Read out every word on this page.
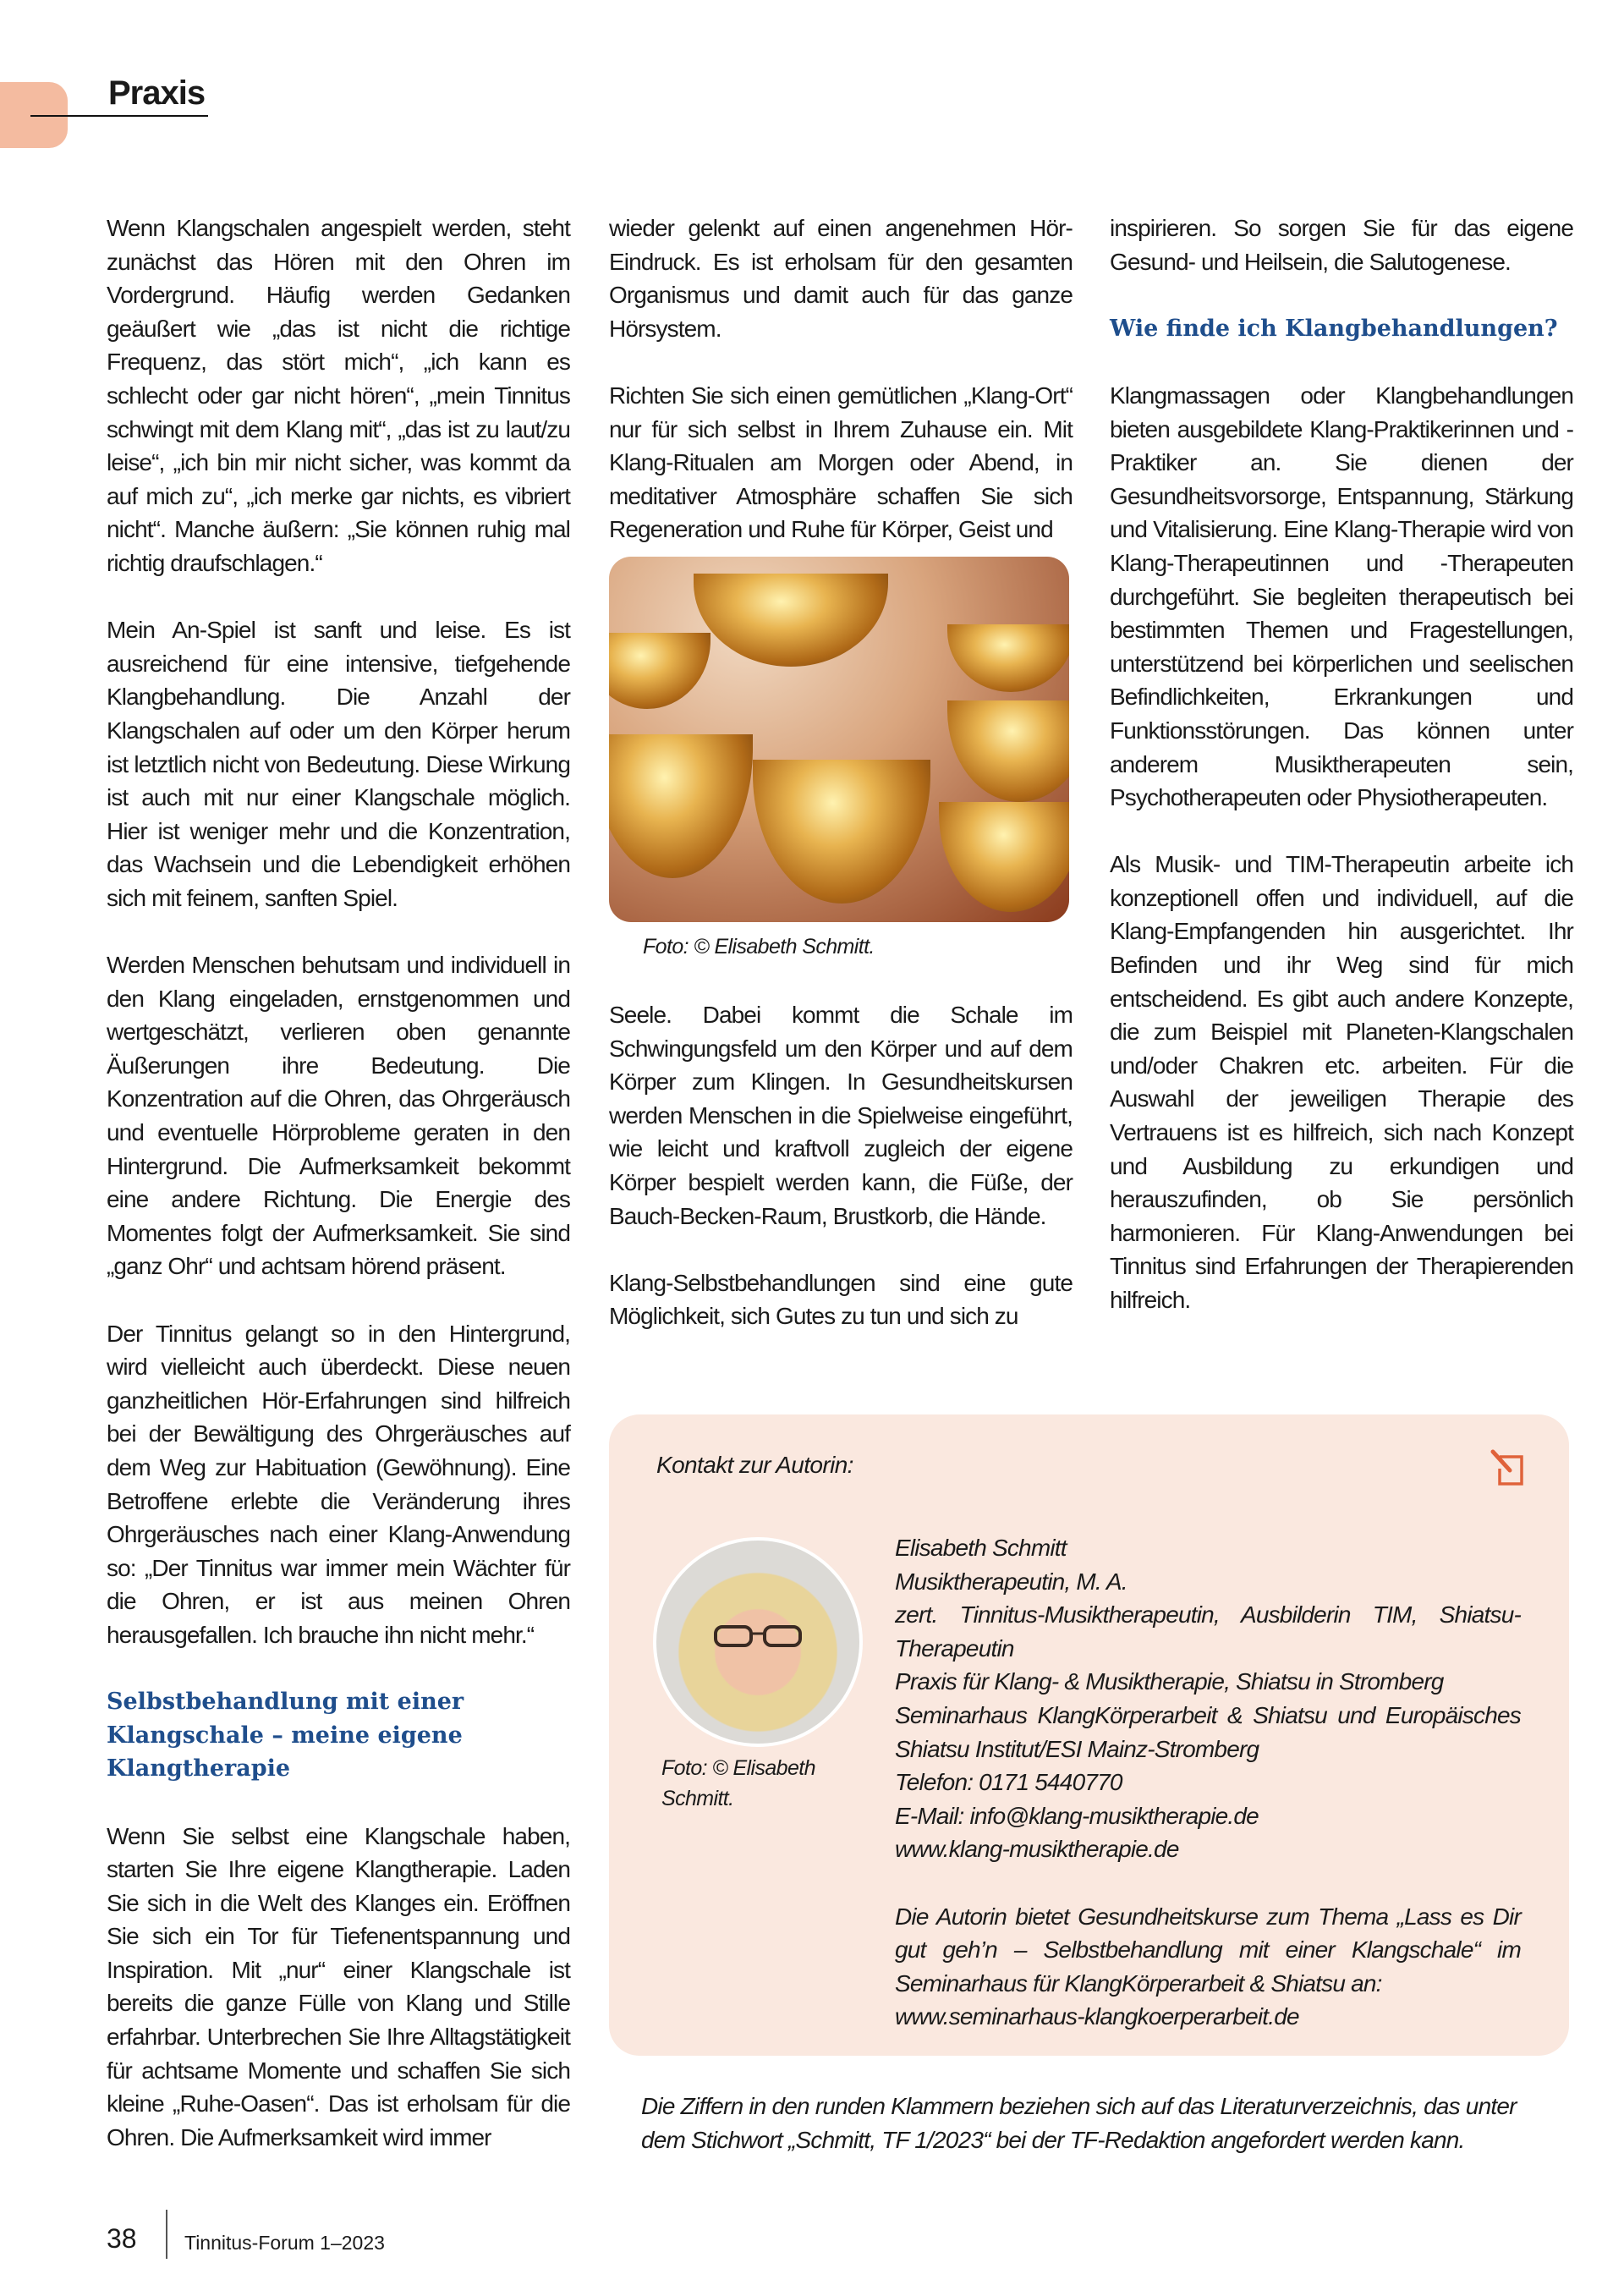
Praxis

Wenn Klangschalen angespielt werden, steht zunächst das Hören mit den Ohren im Vordergrund. Häufig werden Gedanken geäußert wie „das ist nicht die richtige Frequenz, das stört mich“, „ich kann es schlecht oder gar nicht hören“, „mein Tinnitus schwingt mit dem Klang mit“, „das ist zu laut/zu leise“, „ich bin mir nicht sicher, was kommt da auf mich zu“, „ich merke gar nichts, es vibriert nicht“. Manche äußern: „Sie können ruhig mal richtig draufschlagen.“

Mein An-Spiel ist sanft und leise. Es ist ausreichend für eine intensive, tiefgehende Klangbehandlung. Die Anzahl der Klangschalen auf oder um den Körper herum ist letztlich nicht von Bedeutung. Diese Wirkung ist auch mit nur einer Klangschale möglich. Hier ist weniger mehr und die Konzentration, das Wachsein und die Lebendigkeit erhöhen sich mit feinem, sanften Spiel.

Werden Menschen behutsam und individuell in den Klang eingeladen, ernstgenommen und wertgeschätzt, verlieren oben genannte Äußerungen ihre Bedeutung. Die Konzentration auf die Ohren, das Ohrgeräusch und eventuelle Hörprobleme geraten in den Hintergrund. Die Aufmerksamkeit bekommt eine andere Richtung. Die Energie des Momentes folgt der Aufmerksamkeit. Sie sind „ganz Ohr“ und achtsam hörend präsent.

Der Tinnitus gelangt so in den Hintergrund, wird vielleicht auch überdeckt. Diese neuen ganzheitlichen Hör-Erfahrungen sind hilfreich bei der Bewältigung des Ohrgeräusches auf dem Weg zur Habituation (Gewöhnung). Eine Betroffene erlebte die Veränderung ihres Ohrgeräusches nach einer Klang-Anwendung so: „Der Tinnitus war immer mein Wächter für die Ohren, er ist aus meinen Ohren herausgefallen. Ich brauche ihn nicht mehr.“

Selbstbehandlung mit einer Klangschale – meine eigene Klangtherapie

Wenn Sie selbst eine Klangschale haben, starten Sie Ihre eigene Klangtherapie. Laden Sie sich in die Welt des Klanges ein. Eröffnen Sie sich ein Tor für Tiefenentspannung und Inspiration. Mit „nur“ einer Klangschale ist bereits die ganze Fülle von Klang und Stille erfahrbar. Unterbrechen Sie Ihre Alltagstätigkeit für achtsame Momente und schaffen Sie sich kleine „Ruhe-Oasen“. Das ist erholsam für die Ohren. Die Aufmerksamkeit wird immer

wieder gelenkt auf einen angenehmen Hör-Eindruck. Es ist erholsam für den gesamten Organismus und damit auch für das ganze Hörsystem.

Richten Sie sich einen gemütlichen „Klang-Ort“ nur für sich selbst in Ihrem Zuhause ein. Mit Klang-Ritualen am Morgen oder Abend, in meditativer Atmosphäre schaffen Sie sich Regeneration und Ruhe für Körper, Geist und

Foto: © Elisabeth Schmitt.

Seele. Dabei kommt die Schale im Schwingungsfeld um den Körper und auf dem Körper zum Klingen. In Gesundheitskursen werden Menschen in die Spielweise eingeführt, wie leicht und kraftvoll zugleich der eigene Körper bespielt werden kann, die Füße, der Bauch-Becken-Raum, Brustkorb, die Hände.

Klang-Selbstbehandlungen sind eine gute Möglichkeit, sich Gutes zu tun und sich zu

inspirieren. So sorgen Sie für das eigene Gesund- und Heilsein, die Salutogenese.

Wie finde ich Klangbehandlungen?

Klangmassagen oder Klangbehandlungen bieten ausgebildete Klang-Praktikerinnen und -Praktiker an. Sie dienen der Gesundheitsvorsorge, Entspannung, Stärkung und Vitalisierung. Eine Klang-Therapie wird von Klang-Therapeutinnen und -Therapeuten durchgeführt. Sie begleiten therapeutisch bei bestimmten Themen und Fragestellungen, unterstützend bei körperlichen und seelischen Befindlichkeiten, Erkrankungen und Funktionsstörungen. Das können unter anderem Musiktherapeuten sein, Psychotherapeuten oder Physiotherapeuten.

Als Musik- und TIM-Therapeutin arbeite ich konzeptionell offen und individuell, auf die Klang-Empfangenden hin ausgerichtet. Ihr Befinden und ihr Weg sind für mich entscheidend. Es gibt auch andere Konzepte, die zum Beispiel mit Planeten-Klangschalen und/oder Chakren etc. arbeiten. Für die Auswahl der jeweiligen Therapie des Vertrauens ist es hilfreich, sich nach Konzept und Ausbildung zu erkundigen und herauszufinden, ob Sie persönlich harmonieren. Für Klang-Anwendungen bei Tinnitus sind Erfahrungen der Therapierenden hilfreich.

Kontakt zur Autorin:
Foto: © Elisabeth
Schmitt.
Elisabeth Schmitt
Musiktherapeutin, M. A.
zert. Tinnitus-Musiktherapeutin, Ausbilderin TIM, Shiatsu-Therapeutin
Praxis für Klang- & Musiktherapie, Shiatsu in Stromberg
Seminarhaus KlangKörperarbeit & Shiatsu und Europäisches Shiatsu Institut/ESI Mainz-Stromberg
Telefon: 0171 5440770
E-Mail: info@klang-musiktherapie.de
www.klang-musiktherapie.de
Die Autorin bietet Gesundheitskurse zum Thema „Lass es Dir gut geh’n – Selbstbehandlung mit einer Klangschale“ im Seminarhaus für KlangKörperarbeit & Shiatsu an:
www.seminarhaus-klangkoerperarbeit.de
Die Ziffern in den runden Klammern beziehen sich auf das Literaturverzeichnis, das unter dem Stichwort „Schmitt, TF 1/2023“ bei der TF-Redaktion angefordert werden kann.
38 Tinnitus-Forum 1–2023
